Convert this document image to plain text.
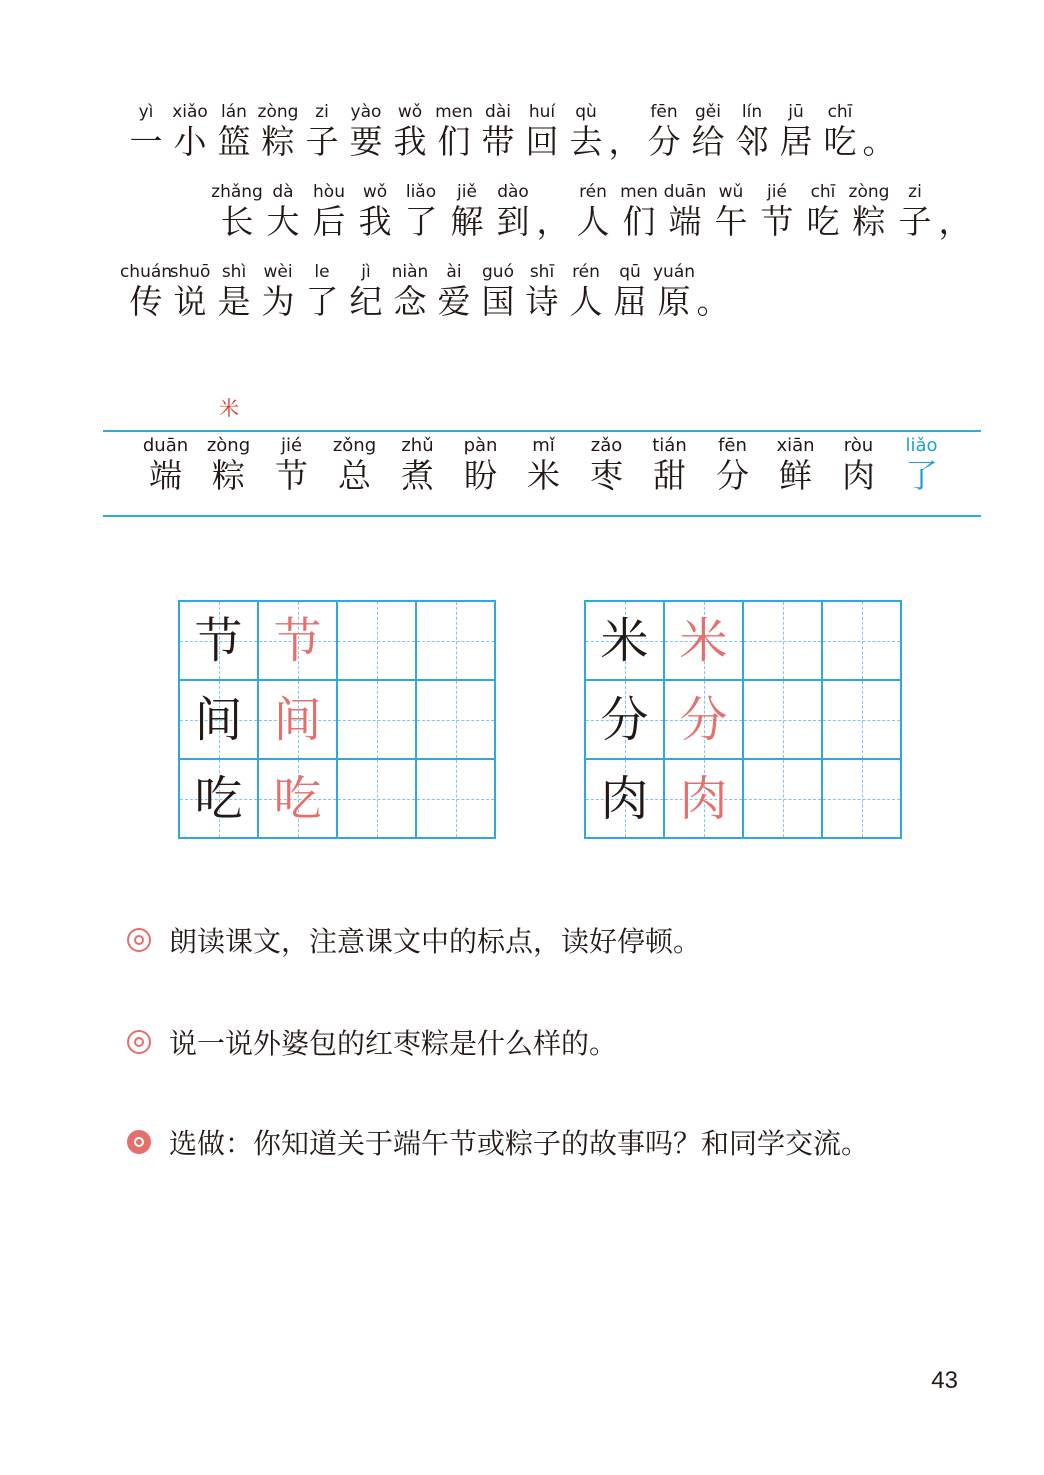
yì
一
xiǎo
小
lán
篮
zòng
粽
zi
子
yào
要
wǒ
我
men
们
dài
带
huí
回
qù
去 ，
fēn
分
gěi
给
lín
邻
jū
居
chī
吃 。
zhǎng
长
dà
大
hòu
后
wǒ
我
liǎo
了
jiě
解
dào
到 ，
rén
人
men
们
duān
端
wǔ
午
jié
节
chī
吃
zòng
粽
zi
子 ，
chuán
传
shuō
说
shì
是
wèi
为
le
了
jì
纪
niàn
念
ài
爱
guó
国
shī
诗
rén
人
qū
屈
yuán
原 。
米
duān
端
zòng
粽
jié
节
zǒng
总
zhǔ
煮
pàn
盼
mǐ
米
zǎo
枣
tián
甜
fēn
分
xiān
鲜
ròu
肉
liǎo
了
节 节
间 间
吃 吃
米 米
分 分
肉 肉
朗读课文，注意课文中的标点，读好停顿。
说一说外婆包的红枣粽是什么样的。
选做：你知道关于端午节或粽子的故事吗？和同学交流。
43
